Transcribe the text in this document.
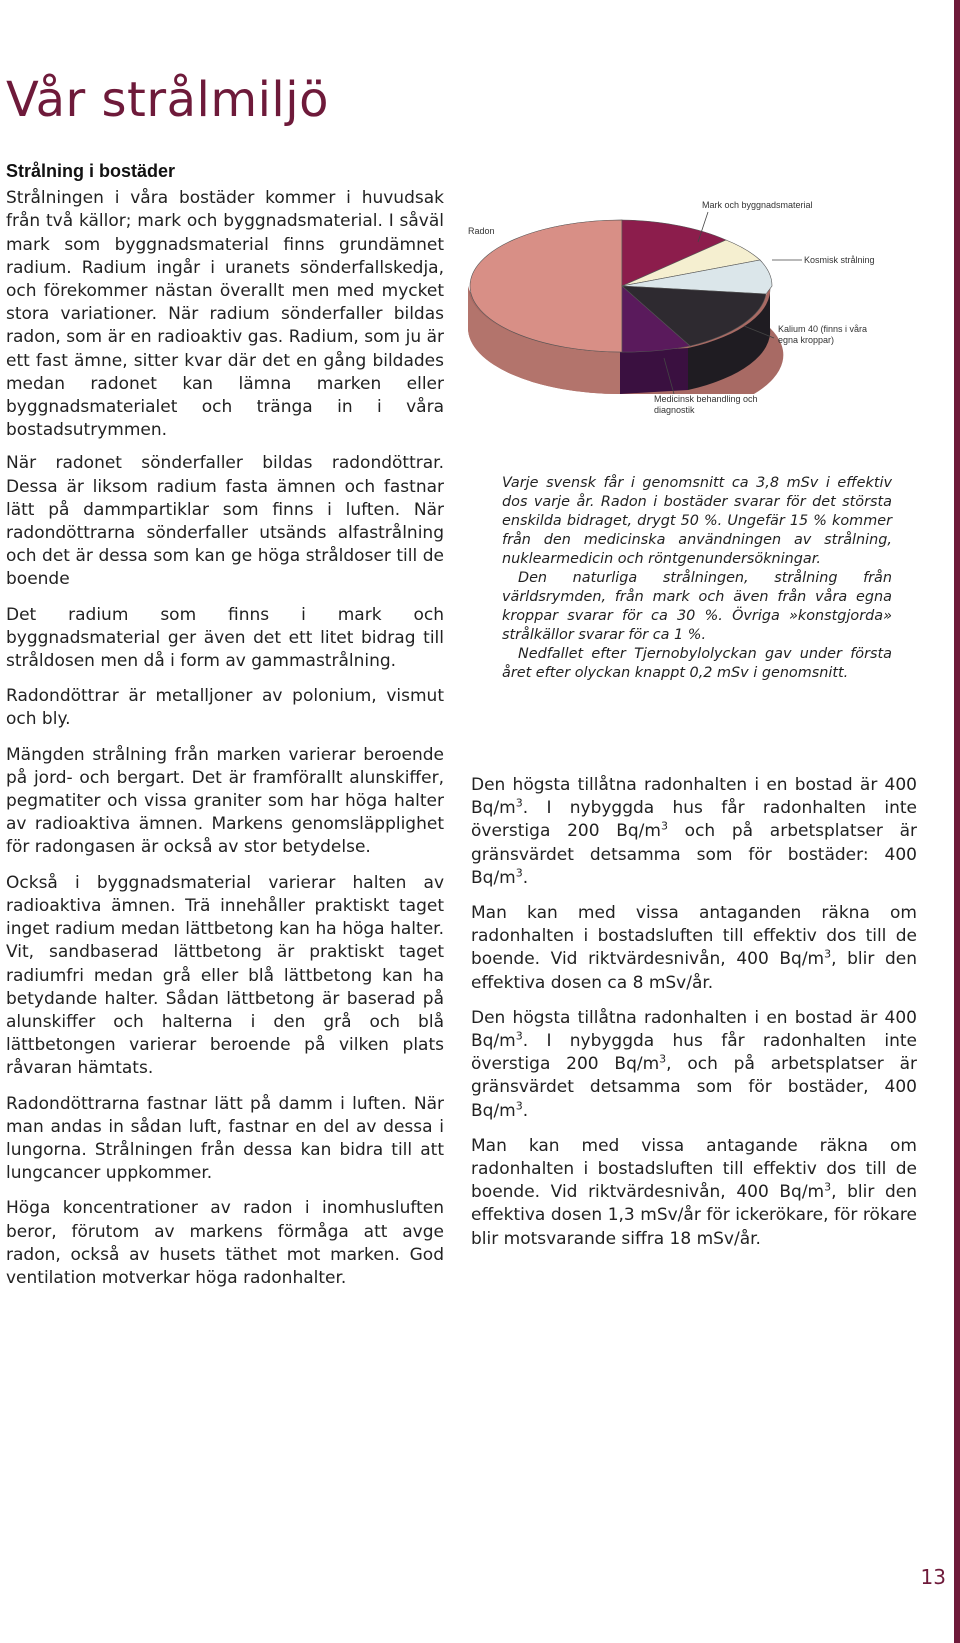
Vår strålmiljö
Strålning i bostäder

Strålningen i våra bostäder kommer i huvudsak från två källor; mark och byggnadsmaterial. I såväl mark som byggnadsmaterial finns grundämnet radium. Radium ingår i uranets sönderfallskedja, och förekommer nästan överallt men med mycket stora variationer. När radium sönderfaller bildas radon, som är en radioaktiv gas. Radium, som ju är ett fast ämne, sitter kvar där det en gång bildades medan radonet kan lämna marken eller byggnadsmaterialet och tränga in i våra bostadsutrymmen.

När radonet sönderfaller bildas radondöttrar. Dessa är liksom radium fasta ämnen och fastnar lätt på dammpartiklar som finns i luften. När radondöttrarna sönderfaller utsänds alfastrålning och det är dessa som kan ge höga stråldoser till de boende

Det radium som finns i mark och byggnadsmaterial ger även det ett litet bidrag till stråldosen men då i form av gammastrålning.

Radondöttrar är metalljoner av polonium, vismut och bly.

Mängden strålning från marken varierar beroende på jord- och bergart. Det är framförallt alunskiffer, pegmatiter och vissa graniter som har höga halter av radioaktiva ämnen. Markens genomsläpplighet för radongasen är också av stor betydelse.

Också i byggnadsmaterial varierar halten av radioaktiva ämnen. Trä innehåller praktiskt taget inget radium medan lättbetong kan ha höga halter. Vit, sandbaserad lättbetong är praktiskt taget radiumfri medan grå eller blå lättbetong kan ha betydande halter. Sådan lättbetong är baserad på alunskiffer och halterna i den grå och blå lättbetongen varierar beroende på vilken plats råvaran hämtats.

Radondöttrarna fastnar lätt på damm i luften. När man andas in sådan luft, fastnar en del av dessa i lungorna. Strålningen från dessa kan bidra till att lungcancer uppkommer.

Höga koncentrationer av radon i inomhusluften beror, förutom av markens förmåga att avge radon, också av husets täthet mot marken. God ventilation motverkar höga radonhalter.

Radon
Mark och byggnadsmaterial
Kosmisk strålning
Kalium 40 (finns i våra egna kroppar)
Medicinsk behandling och diagnostik

Varje svensk får i genomsnitt ca 3,8 mSv i effektiv dos varje år. Radon i bostäder svarar för det största enskilda bidraget, drygt 50 %. Ungefär 15 % kommer från den medicinska användningen av strålning, nuklearmedicin och röntgenundersökningar.

Den naturliga strålningen, strålning från världsrymden, från mark och även från våra egna kroppar svarar för ca 30 %. Övriga »konstgjorda» strålkällor svarar för ca 1 %.

Nedfallet efter Tjernobylolyckan gav under första året efter olyckan knappt 0,2 mSv i genomsnitt.

Den högsta tillåtna radonhalten i en bostad är 400 $Bq/m^3$. I nybyggda hus får radonhalten inte överstiga 200 $Bq/m^3$ och på arbetsplatser är gränsvärdet detsamma som för bostäder: 400 $Bq/m^3$.

Man kan med vissa antaganden räkna om radonhalten i bostadsluften till effektiv dos till de boende. Vid riktvärdesnivån, 400 $Bq/m^3$, blir den effektiva dosen ca 8 mSv/år.

Den högsta tillåtna radonhalten i en bostad är 400 $Bq/m^3$. I nybyggda hus får radonhalten inte överstiga 200 $Bq/m^3$, och på arbetsplatser är gränsvärdet detsamma som för bostäder, 400 $Bq/m^3$.

Man kan med vissa antagande räkna om radonhalten i bostadsluften till effektiv dos till de boende. Vid riktvärdesnivån, 400 $Bq/m^3$, blir den effektiva dosen 1,3 mSv/år för ickerökare, för rökare blir motsvarande siffra 18 mSv/år.

13
